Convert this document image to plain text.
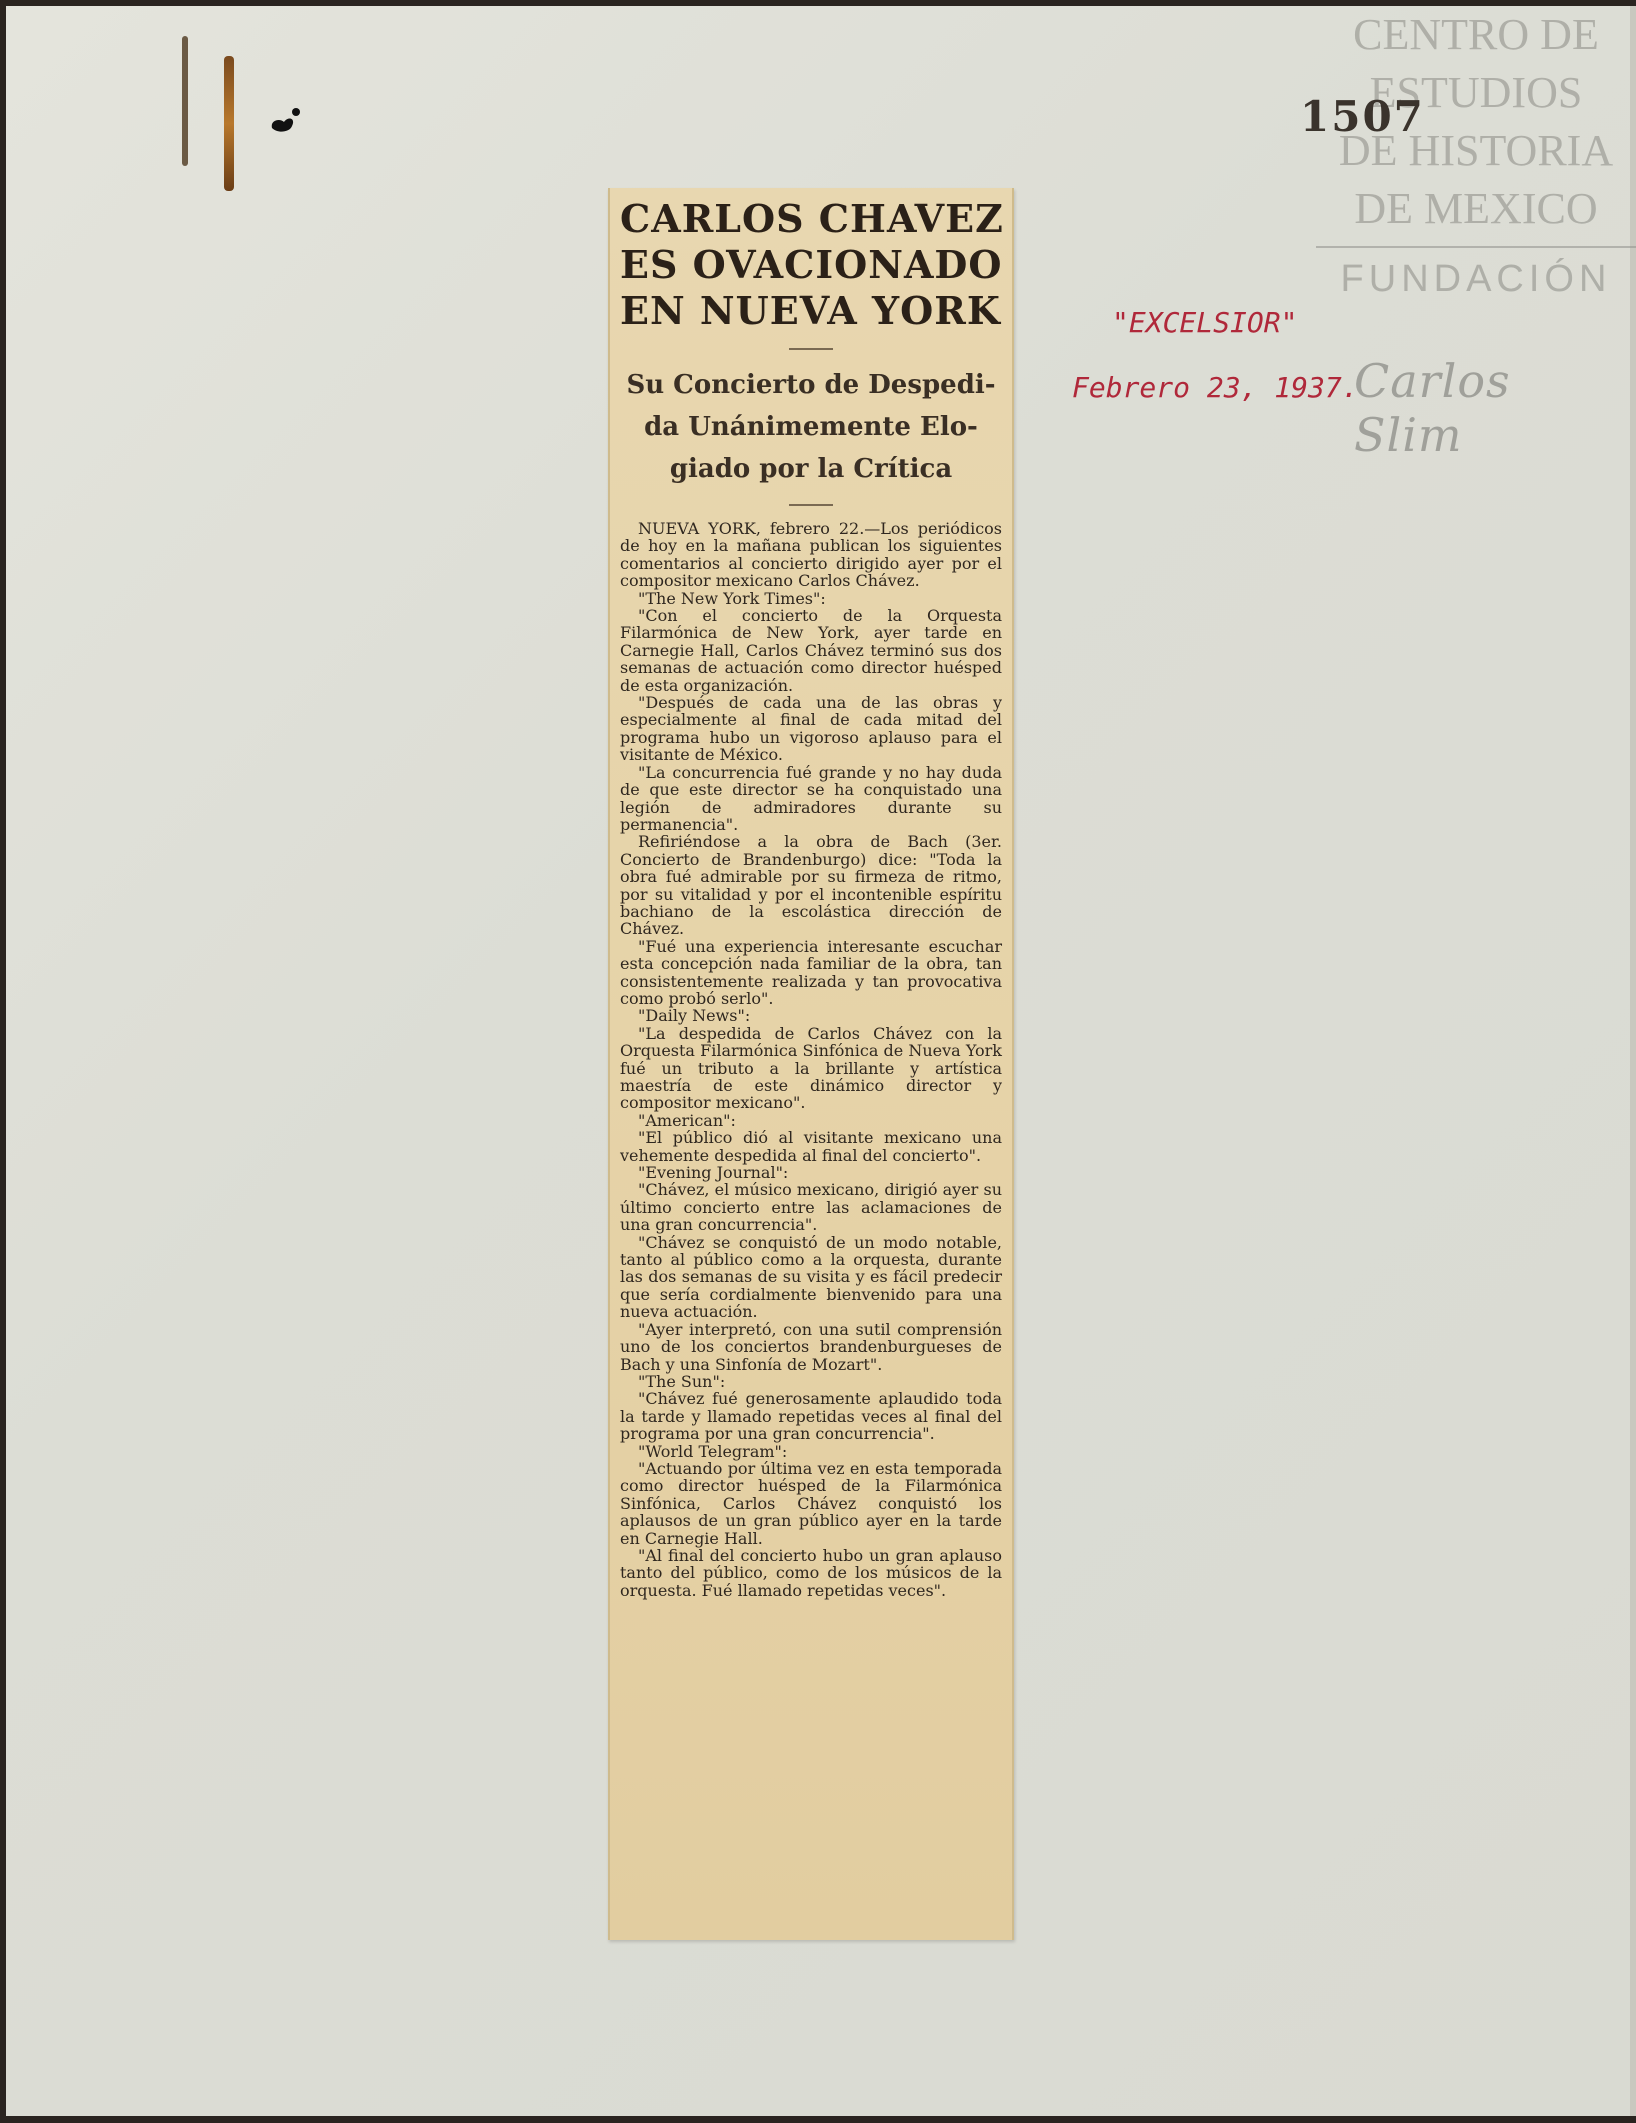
CENTRO DE
ESTUDIOS
DE HISTORIA
DE MEXICO
FUNDACIÓN
1507
"EXCELSIOR"
Febrero 23, 1937.
Carlos Slim
CARLOS CHAVEZ
ES OVACIONADO
EN NUEVA YORK
Su Concierto de Despedi-
da Unánimemente Elo-
giado por la Crítica

NUEVA YORK, febrero 22.—Los periódicos de hoy en la mañana publican los siguientes comentarios al concierto dirigido ayer por el compositor mexicano Carlos Chávez.

"The New York Times":

"Con el concierto de la Orquesta Filarmónica de New York, ayer tarde en Carnegie Hall, Carlos Chávez terminó sus dos semanas de actuación como director huésped de esta organización.

"Después de cada una de las obras y especialmente al final de cada mitad del programa hubo un vigoroso aplauso para el visitante de México.

"La concurrencia fué grande y no hay duda de que este director se ha conquistado una legión de admiradores durante su permanencia".

Refiriéndose a la obra de Bach (3er. Concierto de Brandenburgo) dice: "Toda la obra fué admirable por su firmeza de ritmo, por su vitalidad y por el incontenible espíritu bachiano de la escolástica dirección de Chávez.

"Fué una experiencia interesante escuchar esta concepción nada familiar de la obra, tan consistentemente realizada y tan provocativa como probó serlo".

"Daily News":

"La despedida de Carlos Chávez con la Orquesta Filarmónica Sinfónica de Nueva York fué un tributo a la brillante y artística maestría de este dinámico director y compositor mexicano".

"American":

"El público dió al visitante mexicano una vehemente despedida al final del concierto".

"Evening Journal":

"Chávez, el músico mexicano, dirigió ayer su último concierto entre las aclamaciones de una gran concurrencia".

"Chávez se conquistó de un modo notable, tanto al público como a la orquesta, durante las dos semanas de su visita y es fácil predecir que sería cordialmente bienvenido para una nueva actuación.

"Ayer interpretó, con una sutil comprensión uno de los conciertos brandenburgueses de Bach y una Sinfonía de Mozart".

"The Sun":

"Chávez fué generosamente aplaudido toda la tarde y llamado repetidas veces al final del programa por una gran concurrencia".

"World Telegram":

"Actuando por última vez en esta temporada como director huésped de la Filarmónica Sinfónica, Carlos Chávez conquistó los aplausos de un gran público ayer en la tarde en Carnegie Hall.

"Al final del concierto hubo un gran aplauso tanto del público, como de los músicos de la orquesta. Fué llamado repetidas veces".
